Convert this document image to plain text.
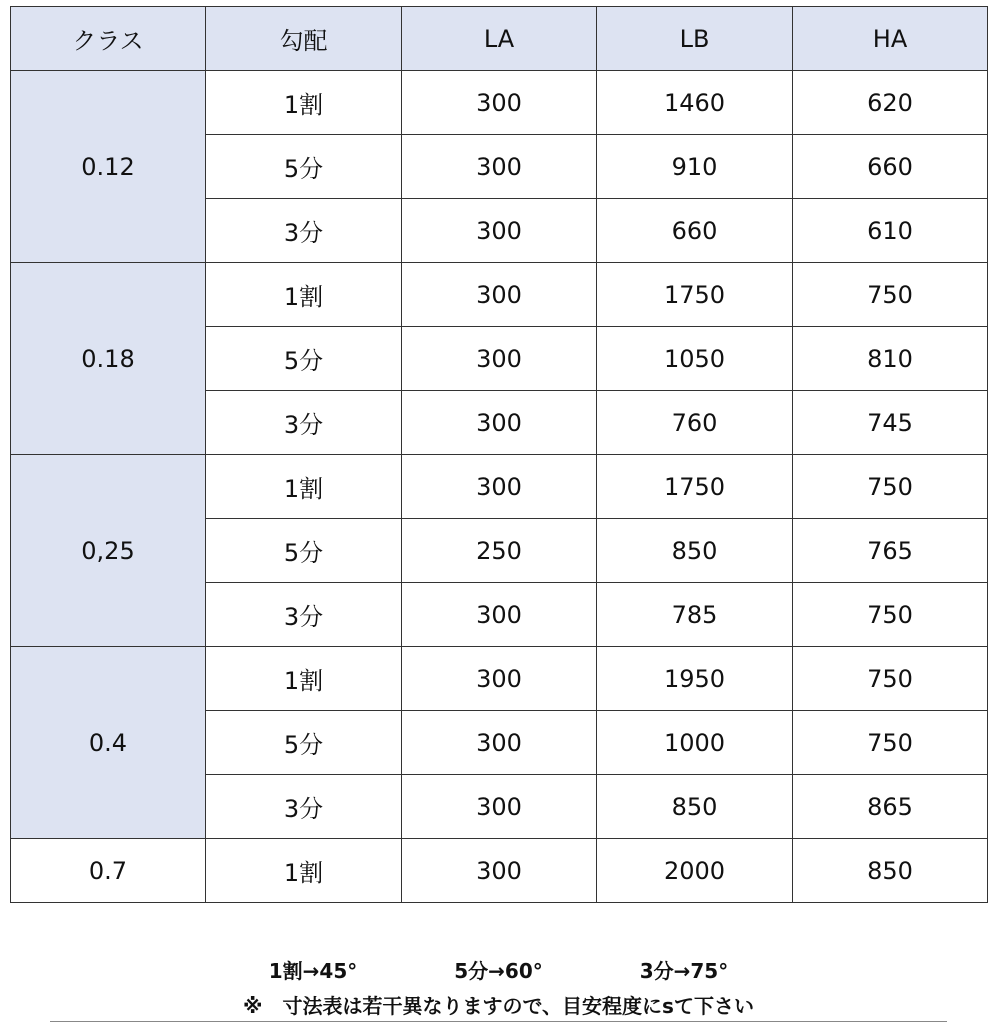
クラス	勾配	LA	LB	HA
0.12	1割	300	1460	620
	5分	300	910	660
	3分	300	660	610
0.18	1割	300	1750	750
	5分	300	1050	810
	3分	300	760	745
0,25	1割	300	1750	750
	5分	250	850	765
	3分	300	785	750
0.4	1割	300	1950	750
	5分	300	1000	750
	3分	300	850	865
0.7	1割	300	2000	850
1割→45°	5分→60°	3分→75°
※　寸法表は若干異なりますので、目安程度にsて下さい
